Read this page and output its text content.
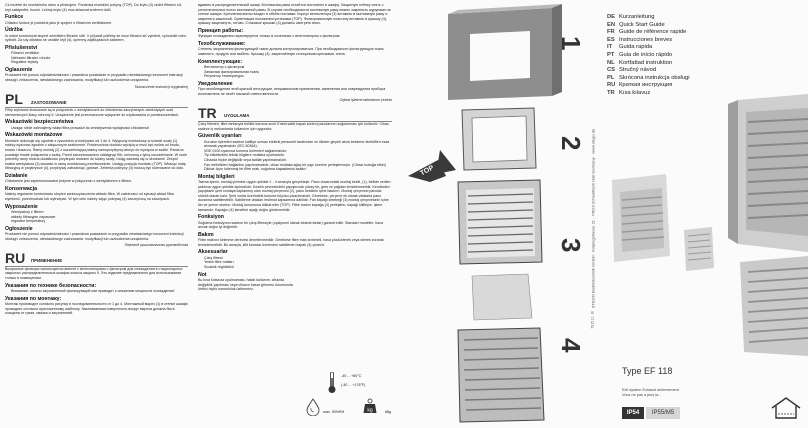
Cs mužete do montážního rámu a přístrojem. Ponámka montážní pokyny (TOP). Do krytu (4) vložte filtrační síť, kryt zakapněte, funcni. Ležmý krytu (4) mus sklaovat směrem dolů.

Funkce

Chladicí funkce je podobná jako je spojení s filtračním ventilátorem.

Údržba

In nutné kontrolovat stupně znečištění filtrační sítě. V případě potřeby se musí filtrační síť vyměnit, vyhodukit nebo vyčistit. Za síly zůstáno se vzdálte krýt (4), opereny zajištuplacích kabelem.

Příslušenství
• Filtrační ventilátor
• Náhradní filtrační rohože
• Regulátor teploty
Oglaszenie

Producent nie ponosi odpowiedzialności i prawdziva posiadanie w przypadku niewłaściwego innosceni instrukcji obsługi i zniszczenia, niewłaściwego zachowania, modyfikacji lub uszkodzenia urządzenia.

Tłumaczenie instrukcji oryginalnej
PL	ZASTOSOWANIE

Filtry wylotowe stosowane są w połączeniu z wentylatorami do chłodzenia zaczynanych zamkniętych szaf sterowniczych klasy ochrony II. Urządzenie jest przeznaczone wyłącznie do użytkowania w pomieszczeniach.

Wskazówki bezpieczeństwa
• Uwaga: silnie zalecajemy wkład filtra prowadzi do zmniejszenia wydajności chłodzenia!
Wskazówki montażowe

Montaże dokonuje się zgodnie z rysunkiem w kolejności od 1 do 4. Wyłączny montażowy w ścianie szafy (1) należy wykonać zgodnie z załączonym szablonem. Powierzchnia docisku wyciętą w musi być wolna od brudu, smaru i tłuszczu. Ramy montaj (2) z uszczelniającą taśmą samoprzylepną włożyć do wycięcia w szafie. Rama ta powstaje trwale połączenia z szafą. Przed zamontowaniem odsłagnąć filtr, ochronną z tylną uszczelnianie. W razie potrzeby ramy można dodatkowo przykręcić śrubami do ściany szafy. Uciąg zawartą się w skrobanie. Zespół kratka wentylatora (3) wsuwać w ramę montażową przedwcześnie. Uwagę pozycja montażu (TOP). Wkaząć matę filtracyjną w przykrywce (4), przykrywę zatrzasnąć, gotowe. Zeberka pokrywy (4) muszą być skierowane do dołu.

Działanie

Chłodzenie jest zapewnionowane jedynie w połączeniu z wentylatorem z filtrem.

Konserwacja

Należy regularnie kontrolować stopień zanieczyszczenia wkładu filtra. W zależności od sytuacji wkład filtra wymienić, przedmuchać lub wytrzepać. W tym celu należy zdjąć pokrywę (4) zaczepioną na zaczepach.

Wyposażenie
• Wentylatory z filtrem
• wkłady filtracyjne zapasowe
• regulator temperatury
Ogłoszenie

Producent nie ponosi odpowiedzialności i prawdziwa posiadanie w przypadku niewłaściwego innosceni instrukcji obsługi i zniszczenia, niewłaściwego zachowania, modyfikacji lub uszkodzenia urządzenia.

Перевод оригинального руководства
RU	ПРИМЕНЕНИЕ

Выпускные фильтры используются вместе с вентиляторами с фильтром для охлаждения в стационарных закрытых распределительных шкафах класса защиты II. Это изделие предназначено для использования только в помещениях.

Указания по технике безопасности:
• Внимание: сильно загрязненный фильтрующий мат приводит к снижению мощности охлаждения!
Указания по монтажу:

Монтаж производят согласно рисунку в последовательности от 1 до 4. Монтажный вырез (1) в стенке шкафа проводить согласно приложенному шаблону. Заклеиваемая поверхность вокруг выреза должна быть очищена от грязи, смазки и загрязнений.

вдавить в распределительный шкаф. Монтажная рама остаётся постоянно в шкафу. Защитную плёнку снять с уплотнительных полос монтажной рамы. В случае необходимости монтажную раму можно закрепить шурупами на стенке шкафа. Крепления винты входят в объём поставки. Корпус вентилятора (3) вставить в монтажную раму и закрепить зашелкой. Ориентация положения установки (TOP). Фильтровальную пластину вставить в крышку (4), крышку защелкнуть, готово. Стоковые крышки (4) должны смотреть вниз.

Принцип работы:

Функция охлаждения гарантируется только в сочетании с вентилятором с фильтром.

Техобслуживание:

Степень загрязнения фильтрующей ткани должна контролироваться. При необходимости фильтрующую ткань заменить, продуть или выбить. Крышку (4), закреплённую стопорными крючками, снять.

Комплектующие:
• Вентилятор с фильтром
• Запасная фильтровальная ткань
• Регулятор температуры
Уведомление

При несоблюдении этой краткой инструкции, неправильном применении, изменении или повреждении прибора изготовитель не несёт никакой ответственности.

Orjinal işletme talimatının çevirisi
TR	UYGULAMA

Çıkış filtreleri, filtre fanlarıyla birlikte koruma sınıfı II'deki sabit kapalı kontrol panolarının soğutulması için kullanılır. Cihaz, sadece iç mekanlarda kullanılım için uygundur.

Güvenlik uyarıları
• Kurulum işlemleri sadece kalifiye uzman elektrik personeli tarafından ve ülkeler geçerli akım besleme direktifleri esas alınarak yapılmalıdır (IEC 60364).
• VDE 0100 uyarınca koruma önlemleri sağlanmalıdır.
• Tip etiketindeki teknik bilgilere mutlaka uyulmalıdır.
• Cihazda hiçbir değişiklik veya tadilat yapılmamalıdır.
• Fan elektrikten bağlantısı yapılmamalıdır, cihaz mutlaka ağaç bir yapı üzerine yerleştirmeyin. (Cihazı tozluğa etkin)
• Dikkat: Aşırı kirlenmiş bir filtre matı, soğutma kapasitesini azaltır!
Montaj bilgileri

Takma işlemi, montaj çizimine uygun şekilde 1 - 4 sırasıyla gerçekleşir. Pano duvarındaki montaj kesiti, (1), birlikte verilen şablona uygun şekilde açılmalıdır. Kesitin çevresindeki yapıştırıcak yüzey kir, gres ve yağdan temizlenmelidir. Kendinden yapışkanlı şerit contaya kaplanmış olan montaj çerçevesi (2), pano kesitinin içine bastırın. Montaj çerçevesi panoda sürekli olarak kalır. Şerit conta üzerindeki koruma folyosu çıkarılmalıdır. Gerekirse, çerçeve ek olarak vidalarla pano duvarına sabitlenebilir. Sabitleme vidaları teslimat kapsamına dahildir. Fan kapağı kelebeği (3) montaj çerçevesinin içine itin ve yerine oturtun. Montaj konumuna dikkat edin (TOP). Filtre matını kapağa (4) yerleştirin, kapağı kilitleyin. İşlem tamamdır. Kapağın (4) lamelleri aşağı doğru göstermelidir.

Fonksiyon

Soğutma fonksiyonu sadece bir çıkış filtresiyle (opsiyonel olarak ekstrat fanlar) garanti edilir. Standart modeller, hava ancak doğru iyi değeridir.

Bakım

Filtre matının kirlenme derecesi denetlenmelidir. Gerekirse filtre matı arıtılmeli, hava püskürterek veya silerek vurarak temizlenmelidir. Bu amaçla, kilit kancası üzerinden sabitlenen kapak (4) çıkarılır.

Aksesuarlar
• Çıkış filtresi
• Yedek filtre matları
• Sıcaklık regülatörü
Not

Bu kısa kılavuza uyulmaması, hatalı kullanım, cihazda değişiklik yapılması veya cihazın hasar görmesi durumunda üretici hiçbir sorumluluk üstlenmez.

-40 ... +80°C
(-40 ... +176°F)
max. 90%RH	kg	88g
TOP
1
2
3
4
STEGO Elektrotechnik GmbH · Kolpingstrasse 21 · 74523 Schwäbisch Hall Germany · www.stego.de
7315 11 · B
DE Kurzanleitung
EN Quick Start Guide
FR Guide de référence rapide
ES Instrucciones breves
IT	Guida rapida
PT Guia de início rápido
NL Kortfattad instruktion
CS Stručný návod
PL Skrócona instrukcja obsługi
RU Краткая инструкция
TR Kısa kılavuz
Type EF 118
Exit system Exhaust achievement
Vous ne pas a plus la...
IP54	IP55/M5
